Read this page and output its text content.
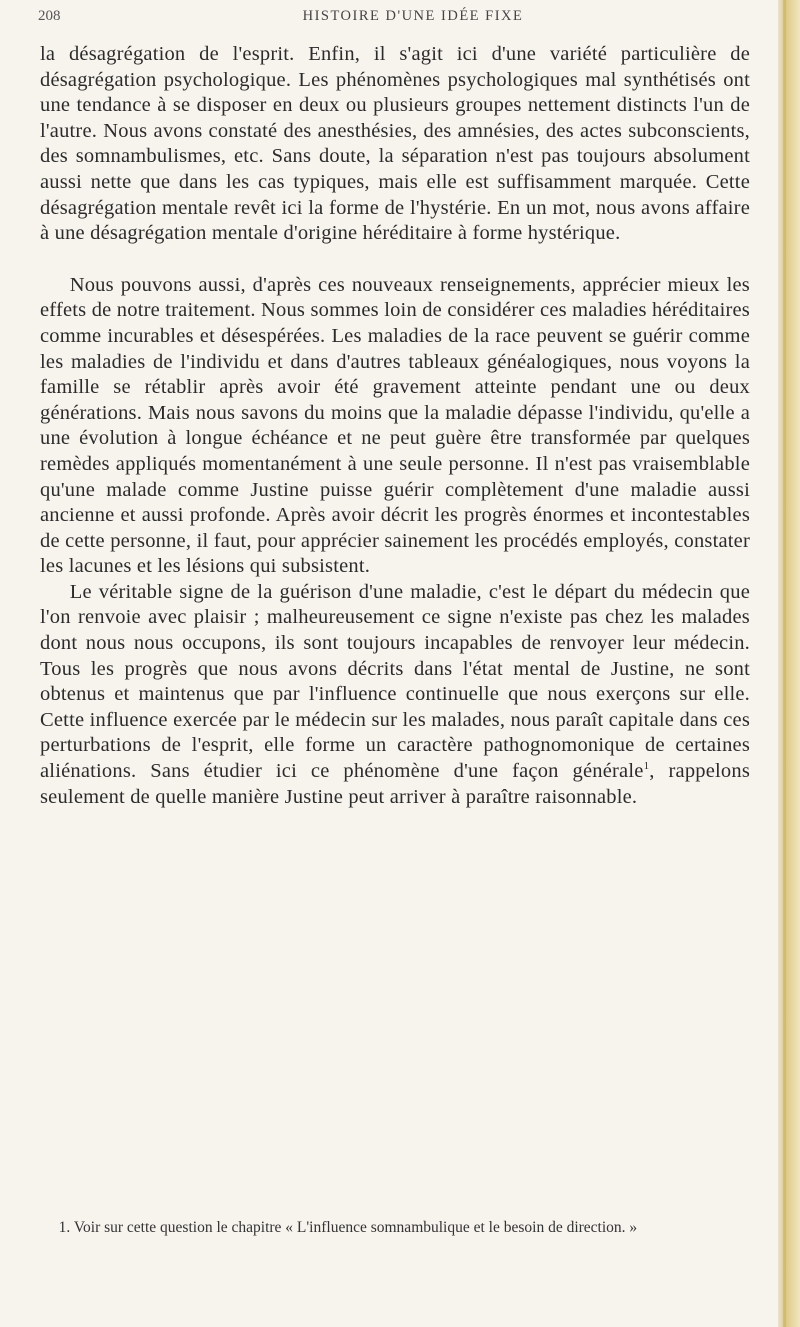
208	HISTOIRE D'UNE IDÉE FIXE

la désagrégation de l'esprit. Enfin, il s'agit ici d'une variété particulière de désagrégation psychologique. Les phénomènes psychologiques mal synthétisés ont une tendance à se disposer en deux ou plusieurs groupes nettement distincts l'un de l'autre. Nous avons constaté des anesthésies, des amnésies, des actes subconscients, des somnambulismes, etc. Sans doute, la séparation n'est pas toujours absolument aussi nette que dans les cas typiques, mais elle est suffisamment marquée. Cette désagrégation mentale revêt ici la forme de l'hystérie. En un mot, nous avons affaire à une désagrégation mentale d'origine héréditaire à forme hystérique.

Nous pouvons aussi, d'après ces nouveaux renseignements, apprécier mieux les effets de notre traitement. Nous sommes loin de considérer ces maladies héréditaires comme incurables et désespérées. Les maladies de la race peuvent se guérir comme les maladies de l'individu et dans d'autres tableaux généalogiques, nous voyons la famille se rétablir après avoir été gravement atteinte pendant une ou deux générations. Mais nous savons du moins que la maladie dépasse l'individu, qu'elle a une évolution à longue échéance et ne peut guère être transformée par quelques remèdes appliqués momentanément à une seule personne. Il n'est pas vraisemblable qu'une malade comme Justine puisse guérir complètement d'une maladie aussi ancienne et aussi profonde. Après avoir décrit les progrès énormes et incontestables de cette personne, il faut, pour apprécier sainement les procédés employés, constater les lacunes et les lésions qui subsistent.

Le véritable signe de la guérison d'une maladie, c'est le départ du médecin que l'on renvoie avec plaisir ; malheureusement ce signe n'existe pas chez les malades dont nous nous occupons, ils sont toujours incapables de renvoyer leur médecin. Tous les progrès que nous avons décrits dans l'état mental de Justine, ne sont obtenus et maintenus que par l'influence continuelle que nous exerçons sur elle. Cette influence exercée par le médecin sur les malades, nous paraît capitale dans ces perturbations de l'esprit, elle forme un caractère pathognomonique de certaines aliénations. Sans étudier ici ce phénomène d'une façon générale$^1$, rappelons seulement de quelle manière Justine peut arriver à paraître raisonnable.

1. Voir sur cette question le chapitre « L'influence somnambulique et le besoin de direction. »
